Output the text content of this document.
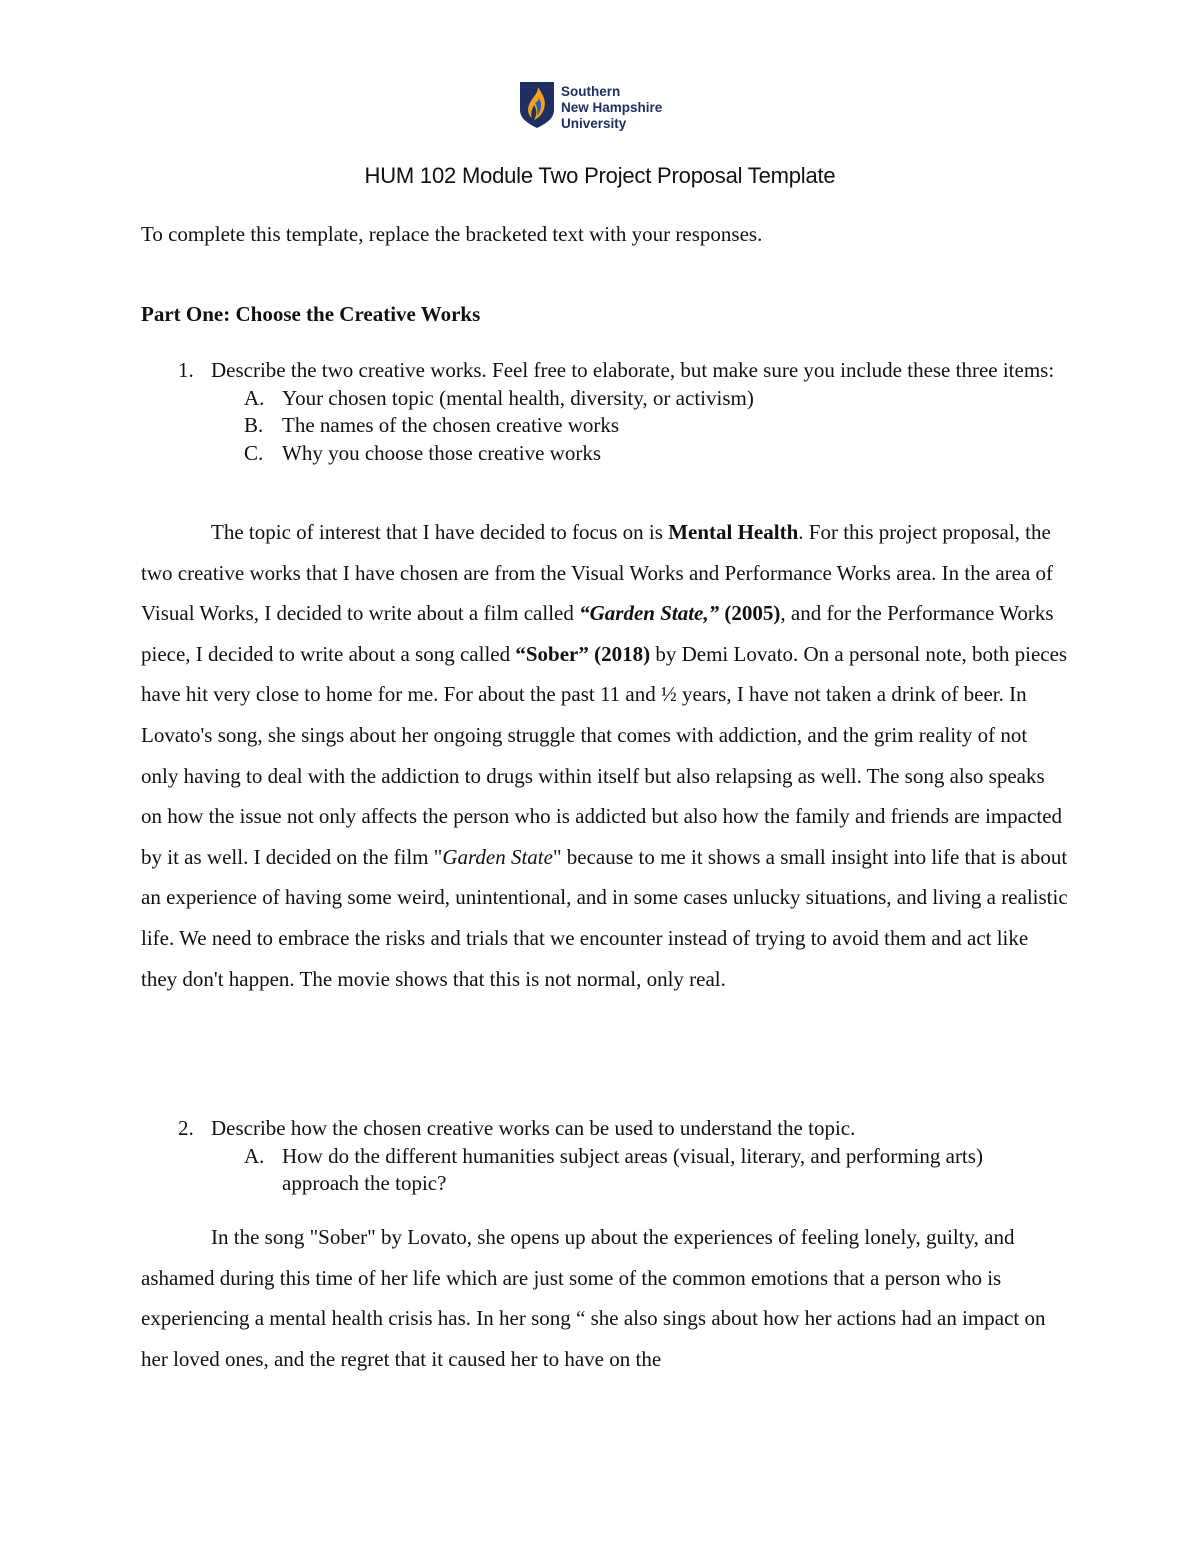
Southern
New Hampshire
University
HUM 102 Module Two Project Proposal Template

To complete this template, replace the bracketed text with your responses.

Part One: Choose the Creative Works
1. Describe the two creative works. Feel free to elaborate, but make sure you include these three items:
A. Your chosen topic (mental health, diversity, or activism)
B. The names of the chosen creative works
C. Why you choose those creative works

The topic of interest that I have decided to focus on is Mental Health. For this project proposal, the two creative works that I have chosen are from the Visual Works and Performance Works area. In the area of Visual Works, I decided to write about a film called “Garden State,” (2005), and for the Performance Works piece, I decided to write about a song called “Sober” (2018) by Demi Lovato. On a personal note, both pieces have hit very close to home for me. For about the past 11 and ½ years, I have not taken a drink of beer. In Lovato's song, she sings about her ongoing struggle that comes with addiction, and the grim reality of not only having to deal with the addiction to drugs within itself but also relapsing as well. The song also speaks on how the issue not only affects the person who is addicted but also how the family and friends are impacted by it as well. I decided on the film "Garden State" because to me it shows a small insight into life that is about an experience of having some weird, unintentional, and in some cases unlucky situations, and living a realistic life. We need to embrace the risks and trials that we encounter instead of trying to avoid them and act like they don't happen. The movie shows that this is not normal, only real.

2. Describe how the chosen creative works can be used to understand the topic.
A. How do the different humanities subject areas (visual, literary, and performing arts) approach the topic?

In the song "Sober" by Lovato, she opens up about the experiences of feeling lonely, guilty, and ashamed during this time of her life which are just some of the common emotions that a person who is experiencing a mental health crisis has. In her song “ she also sings about how her actions had an impact on her loved ones, and the regret that it caused her to have on the
